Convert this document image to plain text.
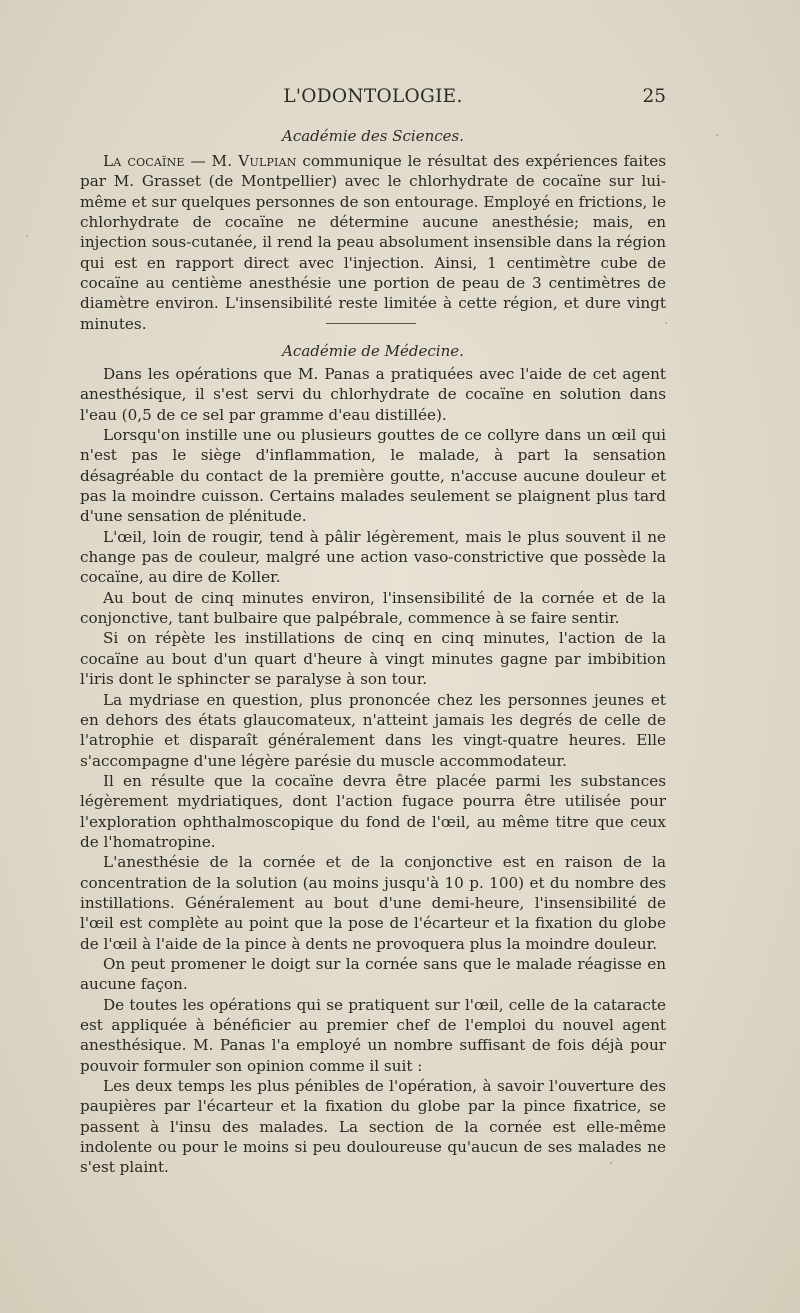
L'ODONTOLOGIE.	25
Académie des Sciences.

La cocaïne — M. Vulpian communique le résultat des expériences faites par M. Grasset (de Montpellier) avec le chlorhydrate de cocaïne sur lui-même et sur quelques personnes de son entourage. Employé en frictions, le chlorhydrate de cocaïne ne détermine aucune anesthésie; mais, en injection sous-cutanée, il rend la peau absolument insensible dans la région qui est en rapport direct avec l'injection. Ainsi, 1 centimètre cube de cocaïne au centième anesthésie une portion de peau de 3 centimètres de diamètre environ. L'insensibilité reste limitée à cette région, et dure vingt minutes.

Académie de Médecine.

Dans les opérations que M. Panas a pratiquées avec l'aide de cet agent anesthésique, il s'est servi du chlorhydrate de cocaïne en solution dans l'eau (0,5 de ce sel par gramme d'eau distillée).

Lorsqu'on instille une ou plusieurs gouttes de ce collyre dans un œil qui n'est pas le siège d'inflammation, le malade, à part la sensation désagréable du contact de la première goutte, n'accuse aucune douleur et pas la moindre cuisson. Certains malades seulement se plaignent plus tard d'une sensation de plénitude.

L'œil, loin de rougir, tend à pâlir légèrement, mais le plus souvent il ne change pas de couleur, malgré une action vaso-constrictive que possède la cocaïne, au dire de Koller.

Au bout de cinq minutes environ, l'insensibilité de la cornée et de la conjonctive, tant bulbaire que palpébrale, commence à se faire sentir.

Si on répète les instillations de cinq en cinq minutes, l'action de la cocaïne au bout d'un quart d'heure à vingt minutes gagne par imbibition l'iris dont le sphincter se paralyse à son tour.

La mydriase en question, plus prononcée chez les personnes jeunes et en dehors des états glaucomateux, n'atteint jamais les degrés de celle de l'atrophie et disparaît généralement dans les vingt-quatre heures. Elle s'accompagne d'une légère parésie du muscle accommodateur.

Il en résulte que la cocaïne devra être placée parmi les substances légèrement mydriatiques, dont l'action fugace pourra être utilisée pour l'exploration ophthalmoscopique du fond de l'œil, au même titre que ceux de l'homatropine.

L'anesthésie de la cornée et de la conjonctive est en raison de la concentration de la solution (au moins jusqu'à 10 p. 100) et du nombre des instillations. Généralement au bout d'une demi-heure, l'insensibilité de l'œil est complète au point que la pose de l'écarteur et la fixation du globe de l'œil à l'aide de la pince à dents ne provoquera plus la moindre douleur.

On peut promener le doigt sur la cornée sans que le malade réagisse en aucune façon.

De toutes les opérations qui se pratiquent sur l'œil, celle de la cataracte est appliquée à bénéficier au premier chef de l'emploi du nouvel agent anesthésique. M. Panas l'a employé un nombre suffisant de fois déjà pour pouvoir formuler son opinion comme il suit :

Les deux temps les plus pénibles de l'opération, à savoir l'ouverture des paupières par l'écarteur et la fixation du globe par la pince fixatrice, se passent à l'insu des malades. La section de la cornée est elle-même indolente ou pour le moins si peu douloureuse qu'aucun de ses malades ne s'est plaint.
